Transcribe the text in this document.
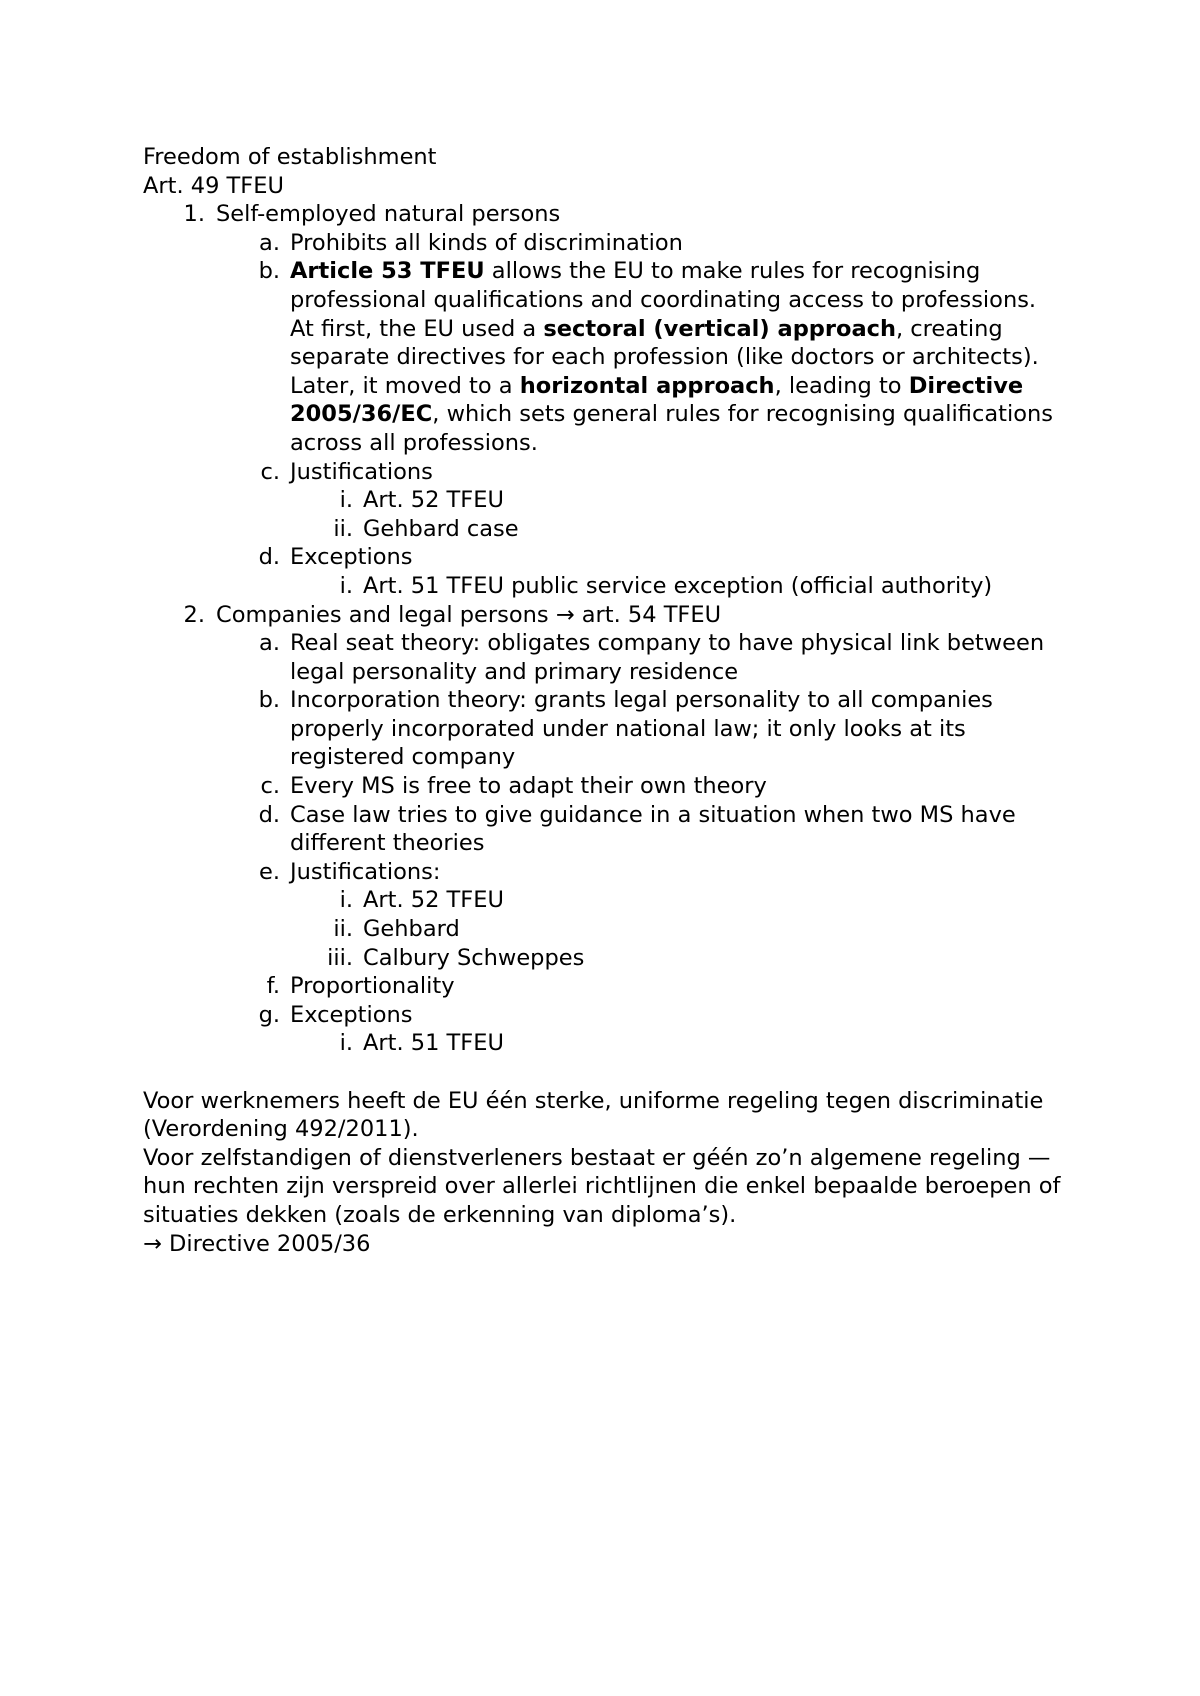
Freedom of establishment
Art. 49 TFEU
1. Self-employed natural persons
a. Prohibits all kinds of discrimination
b. Article 53 TFEU allows the EU to make rules for recognising professional qualifications and coordinating access to professions.
At first, the EU used a sectoral (vertical) approach, creating separate directives for each profession (like doctors or architects).
Later, it moved to a horizontal approach, leading to Directive 2005/36/EC, which sets general rules for recognising qualifications across all professions.
c. Justifications
i. Art. 52 TFEU
ii. Gehbard case
d. Exceptions
i. Art. 51 TFEU public service exception (official authority)
2. Companies and legal persons → art. 54 TFEU
a. Real seat theory: obligates company to have physical link between legal personality and primary residence
b. Incorporation theory: grants legal personality to all companies properly incorporated under national law; it only looks at its registered company
c. Every MS is free to adapt their own theory
d. Case law tries to give guidance in a situation when two MS have different theories
e. Justifications:
i. Art. 52 TFEU
ii. Gehbard
iii. Calbury Schweppes
f. Proportionality
g. Exceptions
i. Art. 51 TFEU
Voor werknemers heeft de EU één sterke, uniforme regeling tegen discriminatie (Verordening 492/2011).
Voor zelfstandigen of dienstverleners bestaat er géén zo’n algemene regeling — hun rechten zijn verspreid over allerlei richtlijnen die enkel bepaalde beroepen of situaties dekken (zoals de erkenning van diploma’s).
→ Directive 2005/36
